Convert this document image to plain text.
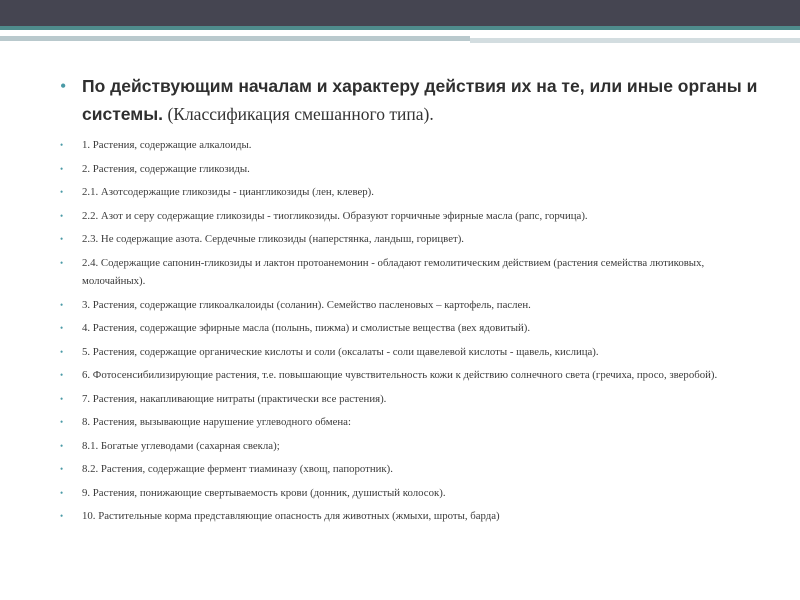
• По действующим началам и характеру действия их на те, или иные органы и системы. (Классификация смешанного типа).
• 1. Растения, содержащие алкалоиды.
• 2. Растения, содержащие гликозиды.
• 2.1. Азотсодержащие гликозиды - циангликозиды (лен, клевер).
• 2.2. Азот и серу содержащие гликозиды - тиогликозиды. Образуют горчичные эфирные масла (рапс, горчица).
• 2.3. Не содержащие азота. Сердечные гликозиды (наперстянка, ландыш, горицвет).
• 2.4. Содержащие сапонин-гликозиды и лактон протоанемонин - обладают гемолитическим действием (растения семейства лютиковых, молочайных).
• 3. Растения, содержащие гликоалкалоиды (соланин). Семейство пасленовых – картофель, паслен.
• 4. Растения, содержащие эфирные масла (полынь, пижма) и смолистые вещества (вех ядовитый).
• 5. Растения, содержащие органические кислоты и соли (оксалаты - соли щавелевой кислоты - щавель, кислица).
• 6. Фотосенсибилизирующие растения, т.е. повышающие чувствительность кожи к действию солнечного света (гречиха, просо, зверобой).
• 7. Растения, накапливающие нитраты (практически все растения).
• 8. Растения, вызывающие нарушение углеводного обмена:
• 8.1. Богатые углеводами (сахарная свекла);
• 8.2. Растения, содержащие фермент тиаминазу (хвощ, папоротник).
• 9. Растения, понижающие свертываемость крови (донник, душистый колосок).
• 10. Растительные корма представляющие опасность для животных (жмыхи, шроты, барда)
